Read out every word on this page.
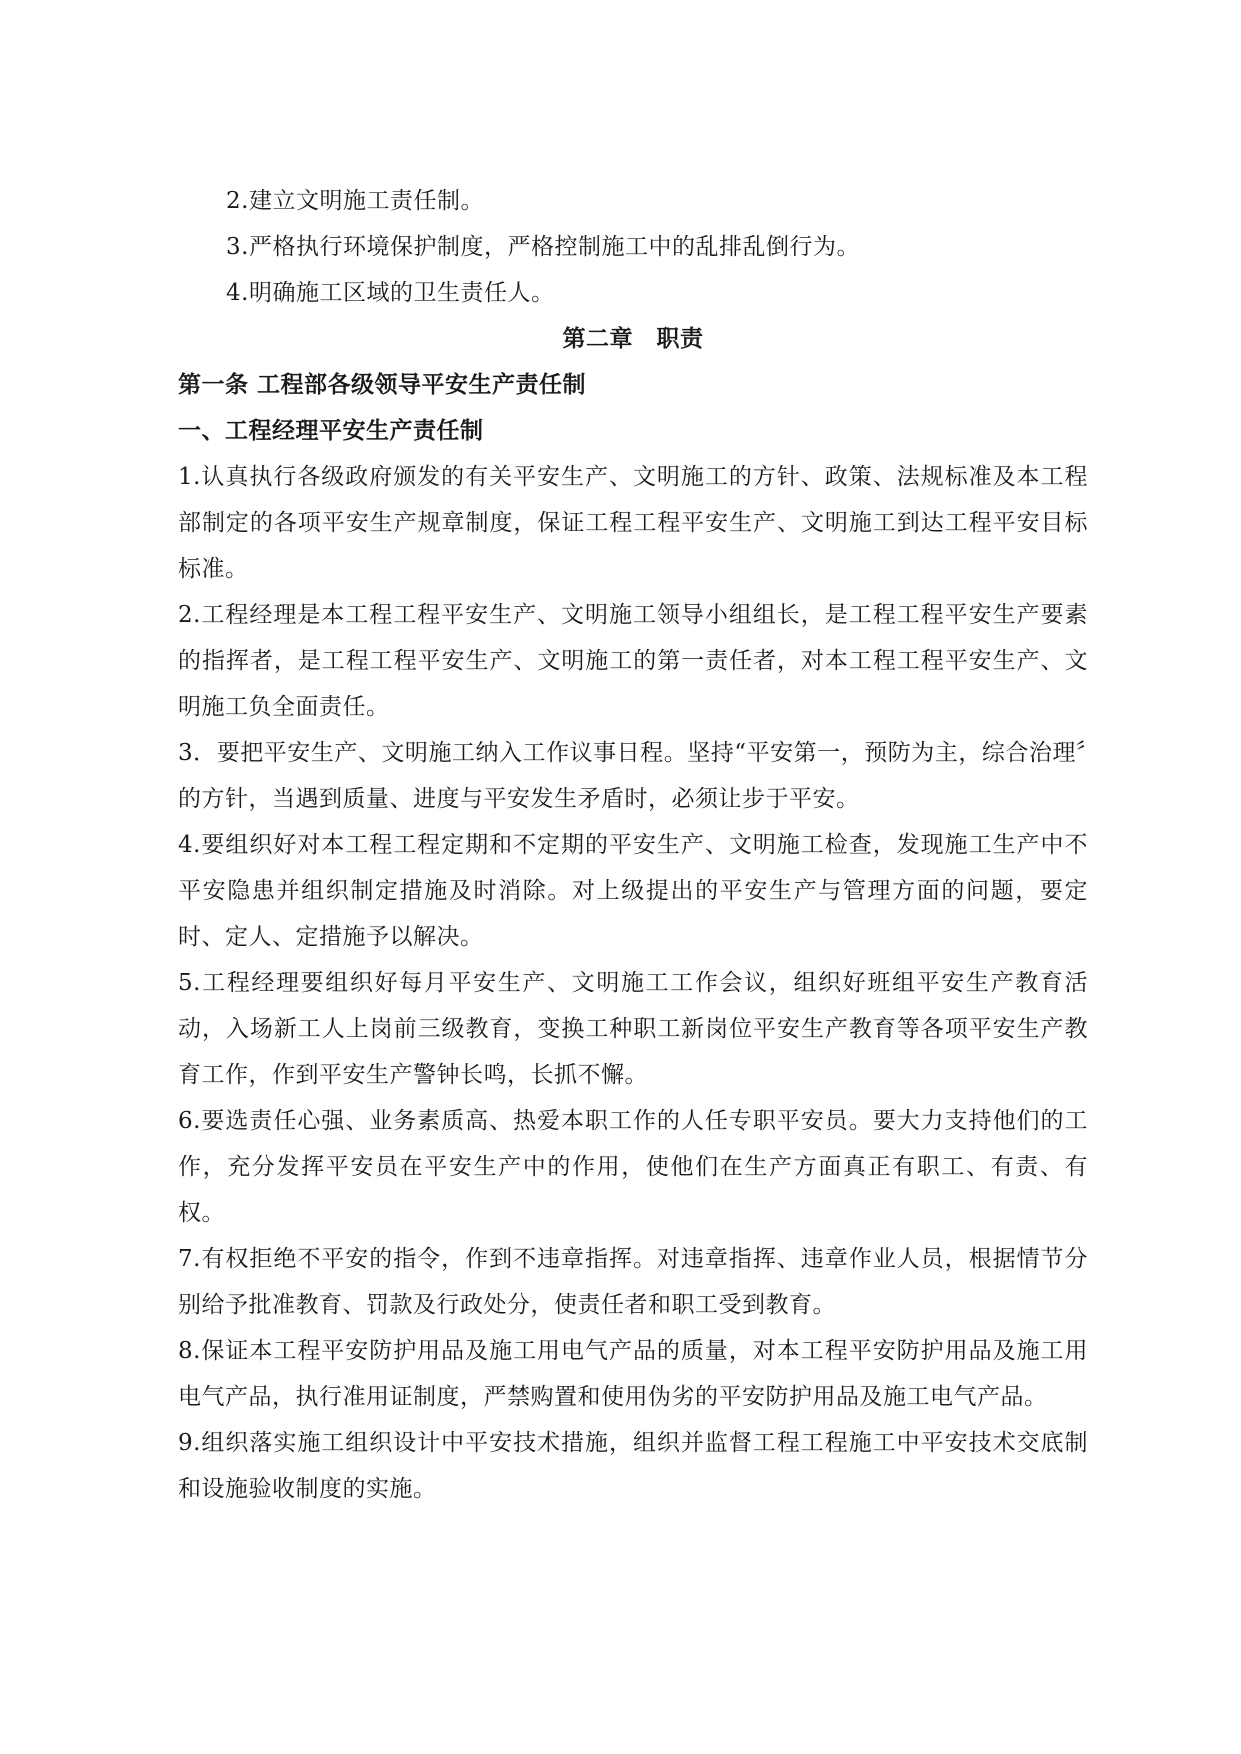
2.建立文明施工责任制。

3.严格执行环境保护制度，严格控制施工中的乱排乱倒行为。

4.明确施工区域的卫生责任人。

第二章　职责

第一条 工程部各级领导平安生产责任制

一、工程经理平安生产责任制

1.认真执行各级政府颁发的有关平安生产、文明施工的方针、政策、法规标准及本工程部制定的各项平安生产规章制度，保证工程工程平安生产、文明施工到达工程平安目标标准。

2.工程经理是本工程工程平安生产、文明施工领导小组组长，是工程工程平安生产要素的指挥者，是工程工程平安生产、文明施工的第一责任者，对本工程工程平安生产、文明施工负全面责任。

3．要把平安生产、文明施工纳入工作议事日程。坚持“平安第一，预防为主，综合治理〞的方针，当遇到质量、进度与平安发生矛盾时，必须让步于平安。

4.要组织好对本工程工程定期和不定期的平安生产、文明施工检查，发现施工生产中不平安隐患并组织制定措施及时消除。对上级提出的平安生产与管理方面的问题，要定时、定人、定措施予以解决。

5.工程经理要组织好每月平安生产、文明施工工作会议，组织好班组平安生产教育活动，入场新工人上岗前三级教育，变换工种职工新岗位平安生产教育等各项平安生产教育工作，作到平安生产警钟长鸣，长抓不懈。

6.要选责任心强、业务素质高、热爱本职工作的人任专职平安员。要大力支持他们的工作，充分发挥平安员在平安生产中的作用，使他们在生产方面真正有职工、有责、有权。

7.有权拒绝不平安的指令，作到不违章指挥。对违章指挥、违章作业人员，根据情节分别给予批准教育、罚款及行政处分，使责任者和职工受到教育。

8.保证本工程平安防护用品及施工用电气产品的质量，对本工程平安防护用品及施工用电气产品，执行准用证制度，严禁购置和使用伪劣的平安防护用品及施工电气产品。

9.组织落实施工组织设计中平安技术措施，组织并监督工程工程施工中平安技术交底制和设施验收制度的实施。
